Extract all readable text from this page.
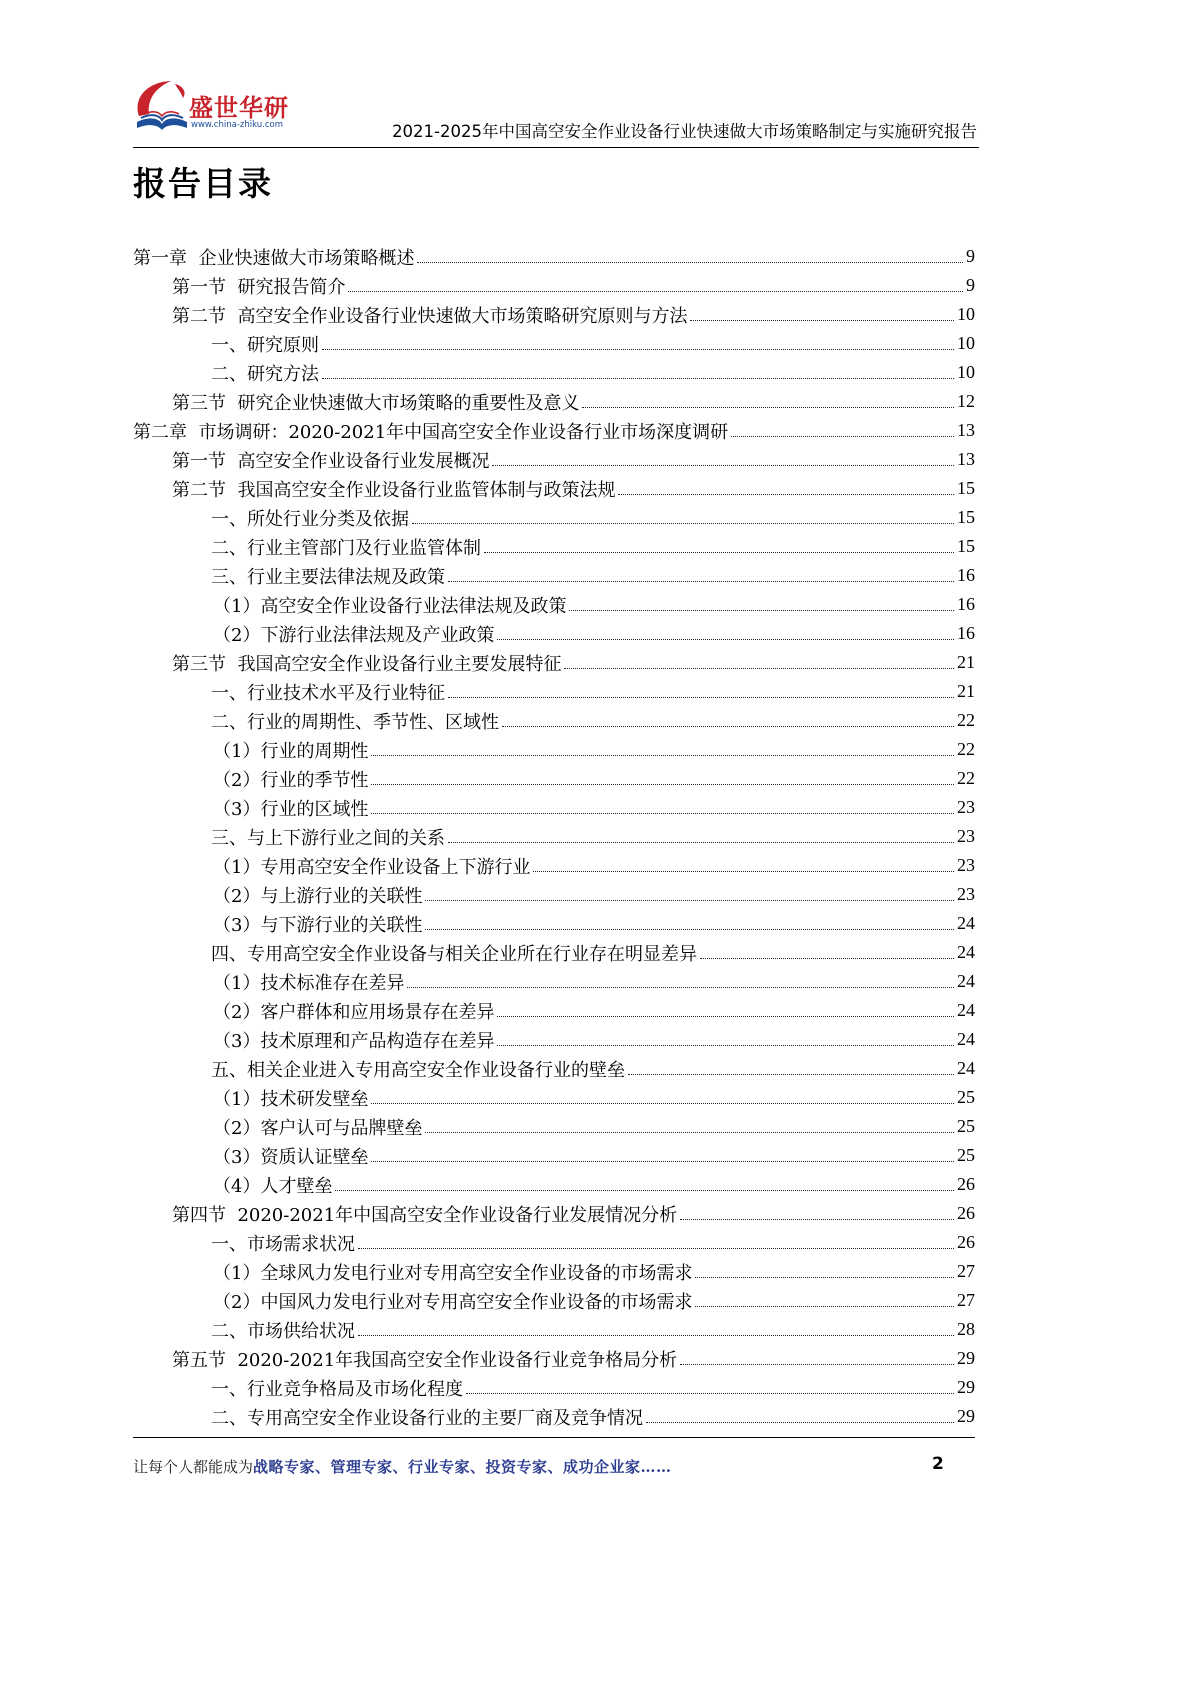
盛世华研
www.china-zhiku.com	2021-2025年中国高空安全作业设备行业快速做大市场策略制定与实施研究报告
报告目录
第一章  企业快速做大市场策略概述	9
第一节  研究报告简介	9
第二节  高空安全作业设备行业快速做大市场策略研究原则与方法	10
一、研究原则	10
二、研究方法	10
第三节  研究企业快速做大市场策略的重要性及意义	12
第二章  市场调研：2020-2021年中国高空安全作业设备行业市场深度调研	13
第一节  高空安全作业设备行业发展概况	13
第二节  我国高空安全作业设备行业监管体制与政策法规	15
一、所处行业分类及依据	15
二、行业主管部门及行业监管体制	15
三、行业主要法律法规及政策	16
（1）高空安全作业设备行业法律法规及政策	16
（2）下游行业法律法规及产业政策	16
第三节  我国高空安全作业设备行业主要发展特征	21
一、行业技术水平及行业特征	21
二、行业的周期性、季节性、区域性	22
（1）行业的周期性	22
（2）行业的季节性	22
（3）行业的区域性	23
三、与上下游行业之间的关系	23
（1）专用高空安全作业设备上下游行业	23
（2）与上游行业的关联性	23
（3）与下游行业的关联性	24
四、专用高空安全作业设备与相关企业所在行业存在明显差异	24
（1）技术标准存在差异	24
（2）客户群体和应用场景存在差异	24
（3）技术原理和产品构造存在差异	24
五、相关企业进入专用高空安全作业设备行业的壁垒	24
（1）技术研发壁垒	25
（2）客户认可与品牌壁垒	25
（3）资质认证壁垒	25
（4）人才壁垒	26
第四节  2020-2021年中国高空安全作业设备行业发展情况分析	26
一、市场需求状况	26
（1）全球风力发电行业对专用高空安全作业设备的市场需求	27
（2）中国风力发电行业对专用高空安全作业设备的市场需求	27
二、市场供给状况	28
第五节  2020-2021年我国高空安全作业设备行业竞争格局分析	29
一、行业竞争格局及市场化程度	29
二、专用高空安全作业设备行业的主要厂商及竞争情况	29
让每个人都能成为战略专家、管理专家、行业专家、投资专家、成功企业家……	2
